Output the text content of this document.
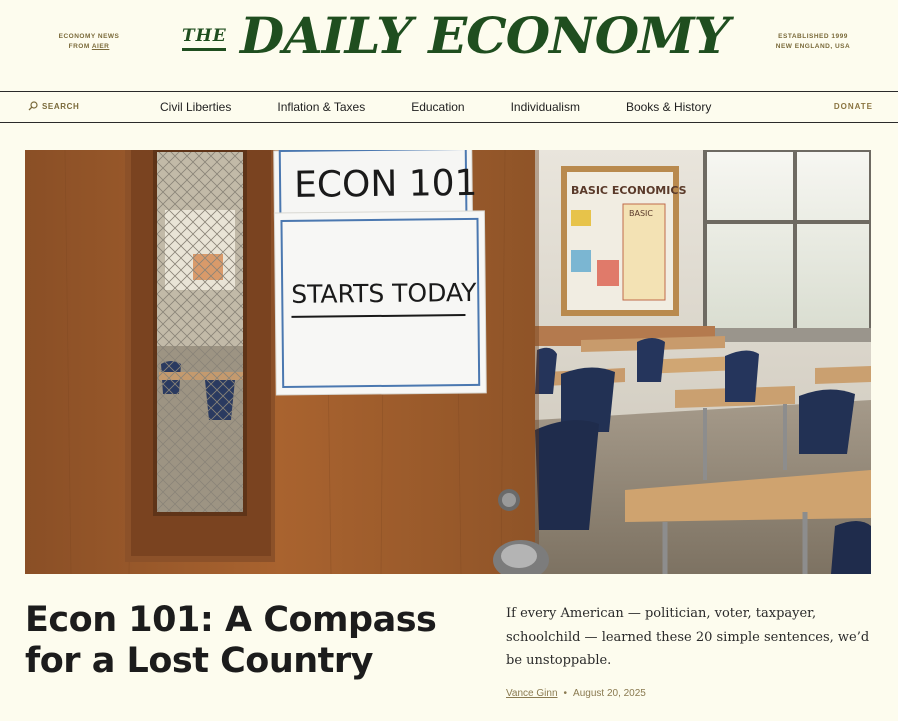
ECONOMY NEWS
FROM AIER
THE DAILY ECONOMY	ESTABLISHED 1999
NEW ENGLAND, USA
SEARCH	Civil Liberties	Inflation & Taxes	Education	Individualism	Books & History	DONATE
BASIC ECONOMICS
BASIC
ECON 101
STARTS TODAY
Econ 101: A Compass for a Lost Country
If every American — politician, voter, taxpayer, schoolchild — learned these 20 simple sentences, we’d be unstoppable.
Vance Ginn • August 20, 2025
